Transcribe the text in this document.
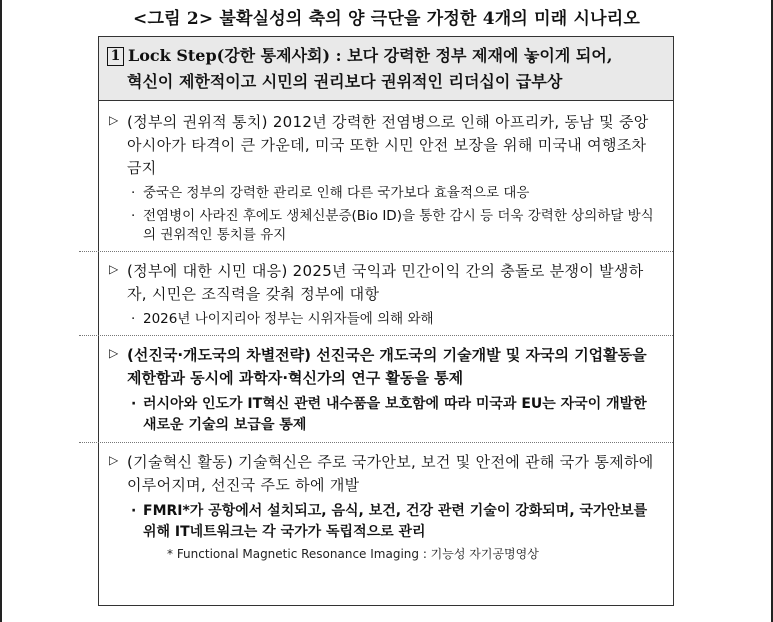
<그림 2> 불확실성의 축의 양 극단을 가정한 4개의 미래 시나리오
1 Lock Step(강한 통제사회) : 보다 강력한 정부 제재에 놓이게 되어,
혁신이 제한적이고 시민의 권리보다 권위적인 리더십이 급부상
▷ (정부의 권위적 통치) 2012년 강력한 전염병으로 인해 아프리카, 동남 및 중앙아시아가 타격이 큰 가운데, 미국 또한 시민 안전 보장을 위해 미국내 여행조차 금지
· 중국은 정부의 강력한 관리로 인해 다른 국가보다 효율적으로 대응
· 전염병이 사라진 후에도 생체신분증(Bio ID)을 통한 감시 등 더욱 강력한 상의하달 방식의 권위적인 통치를 유지
▷ (정부에 대한 시민 대응) 2025년 국익과 민간이익 간의 충돌로 분쟁이 발생하자, 시민은 조직력을 갖춰 정부에 대항
· 2026년 나이지리아 정부는 시위자들에 의해 와해
▷ (선진국·개도국의 차별전략) 선진국은 개도국의 기술개발 및 자국의 기업활동을 제한함과 동시에 과학자·혁신가의 연구 활동을 통제
· 러시아와 인도가 IT혁신 관련 내수품을 보호함에 따라 미국과 EU는 자국이 개발한 새로운 기술의 보급을 통제
▷ (기술혁신 활동) 기술혁신은 주로 국가안보, 보건 및 안전에 관해 국가 통제하에 이루어지며, 선진국 주도 하에 개발
· FMRI*가 공항에서 설치되고, 음식, 보건, 건강 관련 기술이 강화되며, 국가안보를 위해 IT네트워크는 각 국가가 독립적으로 관리
* Functional Magnetic Resonance Imaging : 기능성 자기공명영상
